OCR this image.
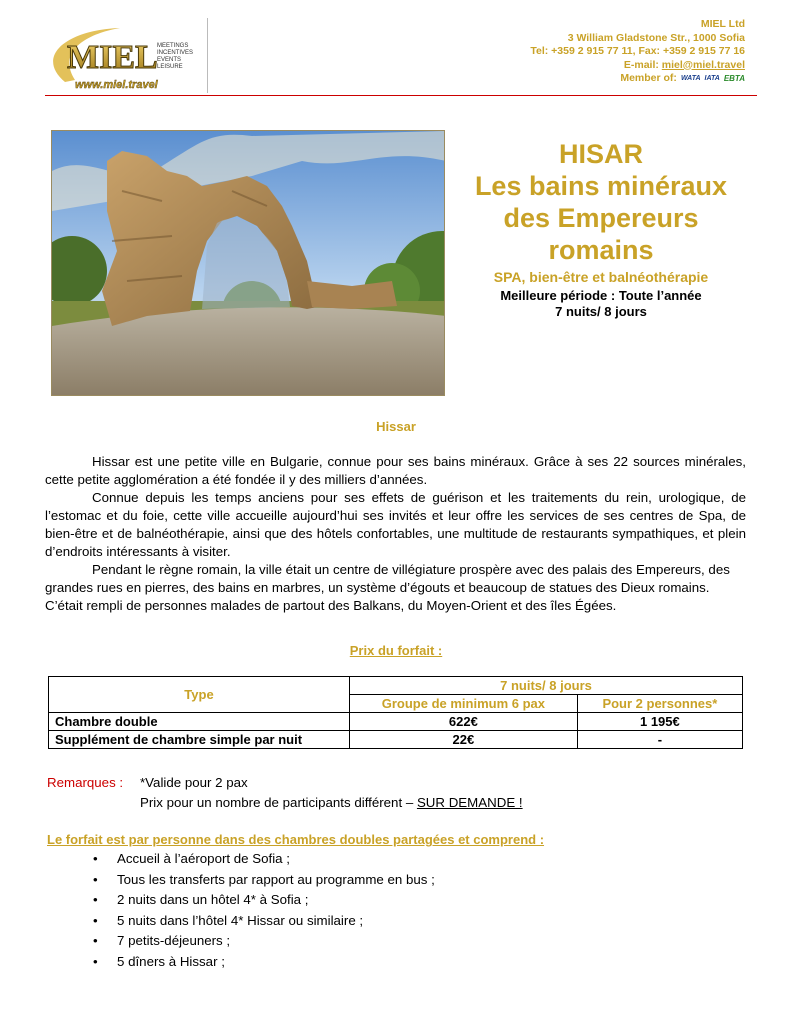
MIEL MEETINGS
INCENTIVES
EVENTS
LEISURE
www.miel.travel
MIEL Ltd
3 William Gladstone Str., 1000 Sofia
Tel: +359 2 915 77 11, Fax: +359 2 915 77 16
E-mail: miel@miel.travel
Member of: WATA IATA EBTA
HISAR
Les bains minéraux
des Empereurs
romains
SPA, bien-être et balnéothérapie
Meilleure période : Toute l’année
7 nuits/ 8 jours
Hissar

Hissar est une petite ville en Bulgarie, connue pour ses bains minéraux. Grâce à ses 22 sources minérales, cette petite agglomération a été fondée il y des milliers d’années.

Connue depuis les temps anciens pour ses effets de guérison et les traitements du rein, urologique, de l’estomac et du foie, cette ville accueille aujourd’hui ses invités et leur offre les services de ses centres de Spa, de bien-être et de balnéothérapie, ainsi que des hôtels confortables, une multitude de restaurants sympathiques, et plein d’endroits intéressants à visiter.

Pendant le règne romain, la ville était un centre de villégiature prospère avec des palais des Empereurs, des grandes rues en pierres, des bains en marbres, un système d’égouts et beaucoup de statues des Dieux romains. C’était rempli de personnes malades de partout des Balkans, du Moyen-Orient et des îles Égées.

Prix du forfait :
Type	7 nuits/ 8 jours	
	Groupe de minimum 6 pax	Pour 2 personnes*
Chambre double	622€	1 195€
Supplément de chambre simple par nuit	22€	-
Remarques : *Valide pour 2 pax
Prix pour un nombre de participants différent – SUR DEMANDE !
Le forfait est par personne dans des chambres doubles partagées et comprend :
• Accueil à l’aéroport de Sofia ;
• Tous les transferts par rapport au programme en bus ;
• 2 nuits dans un hôtel 4* à Sofia ;
• 5 nuits dans l’hôtel 4* Hissar ou similaire ;
• 7 petits-déjeuners ;
• 5 dîners à Hissar ;
